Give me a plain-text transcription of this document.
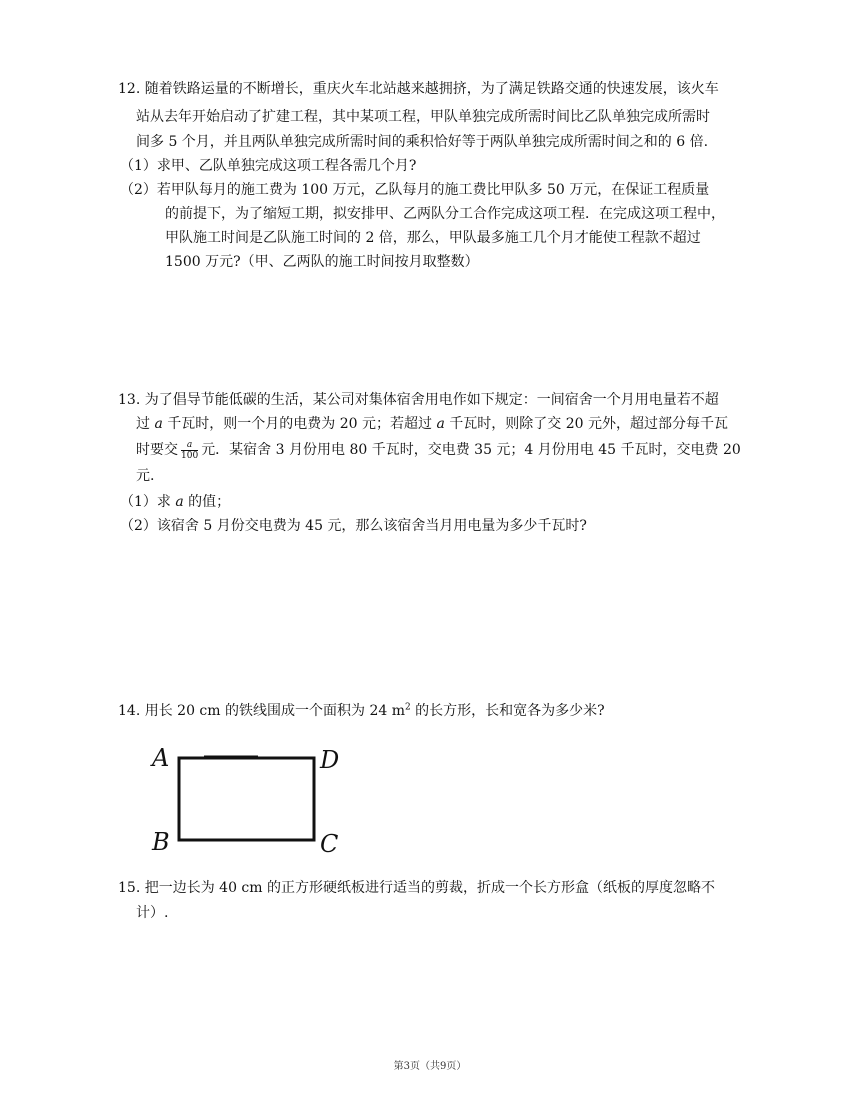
12. 随着铁路运量的不断增长，重庆火车北站越来越拥挤，为了满足铁路交通的快速发展，该火车
站从去年开始启动了扩建工程，其中某项工程，甲队单独完成所需时间比乙队单独完成所需时
间多 5 个月，并且两队单独完成所需时间的乘积恰好等于两队单独完成所需时间之和的 6 倍.
（1）求甲、乙队单独完成这项工程各需几个月?
（2）若甲队每月的施工费为 100 万元，乙队每月的施工费比甲队多 50 万元，在保证工程质量
的前提下，为了缩短工期，拟安排甲、乙两队分工合作完成这项工程．在完成这项工程中，
甲队施工时间是乙队施工时间的 2 倍，那么，甲队最多施工几个月才能使工程款不超过
1500 万元?（甲、乙两队的施工时间按月取整数）
13. 为了倡导节能低碳的生活，某公司对集体宿舍用电作如下规定：一间宿舍一个月用电量若不超
过 a 千瓦时，则一个月的电费为 20 元；若超过 a 千瓦时，则除了交 20 元外，超过部分每千瓦
时要交 $\frac{a}{100}$ 元．某宿舍 3 月份用电 80 千瓦时，交电费 35 元；4 月份用电 45 千瓦时，交电费 20
元.
（1）求 a 的值；
（2）该宿舍 5 月份交电费为 45 元，那么该宿舍当月用电量为多少千瓦时?
14. 用长 20 cm 的铁线围成一个面积为 24 $m^2$ 的长方形，长和宽各为多少米?
A	D
B	C
15. 把一边长为 40 cm 的正方形硬纸板进行适当的剪裁，折成一个长方形盒（纸板的厚度忽略不
计）.
第3页（共9页）
